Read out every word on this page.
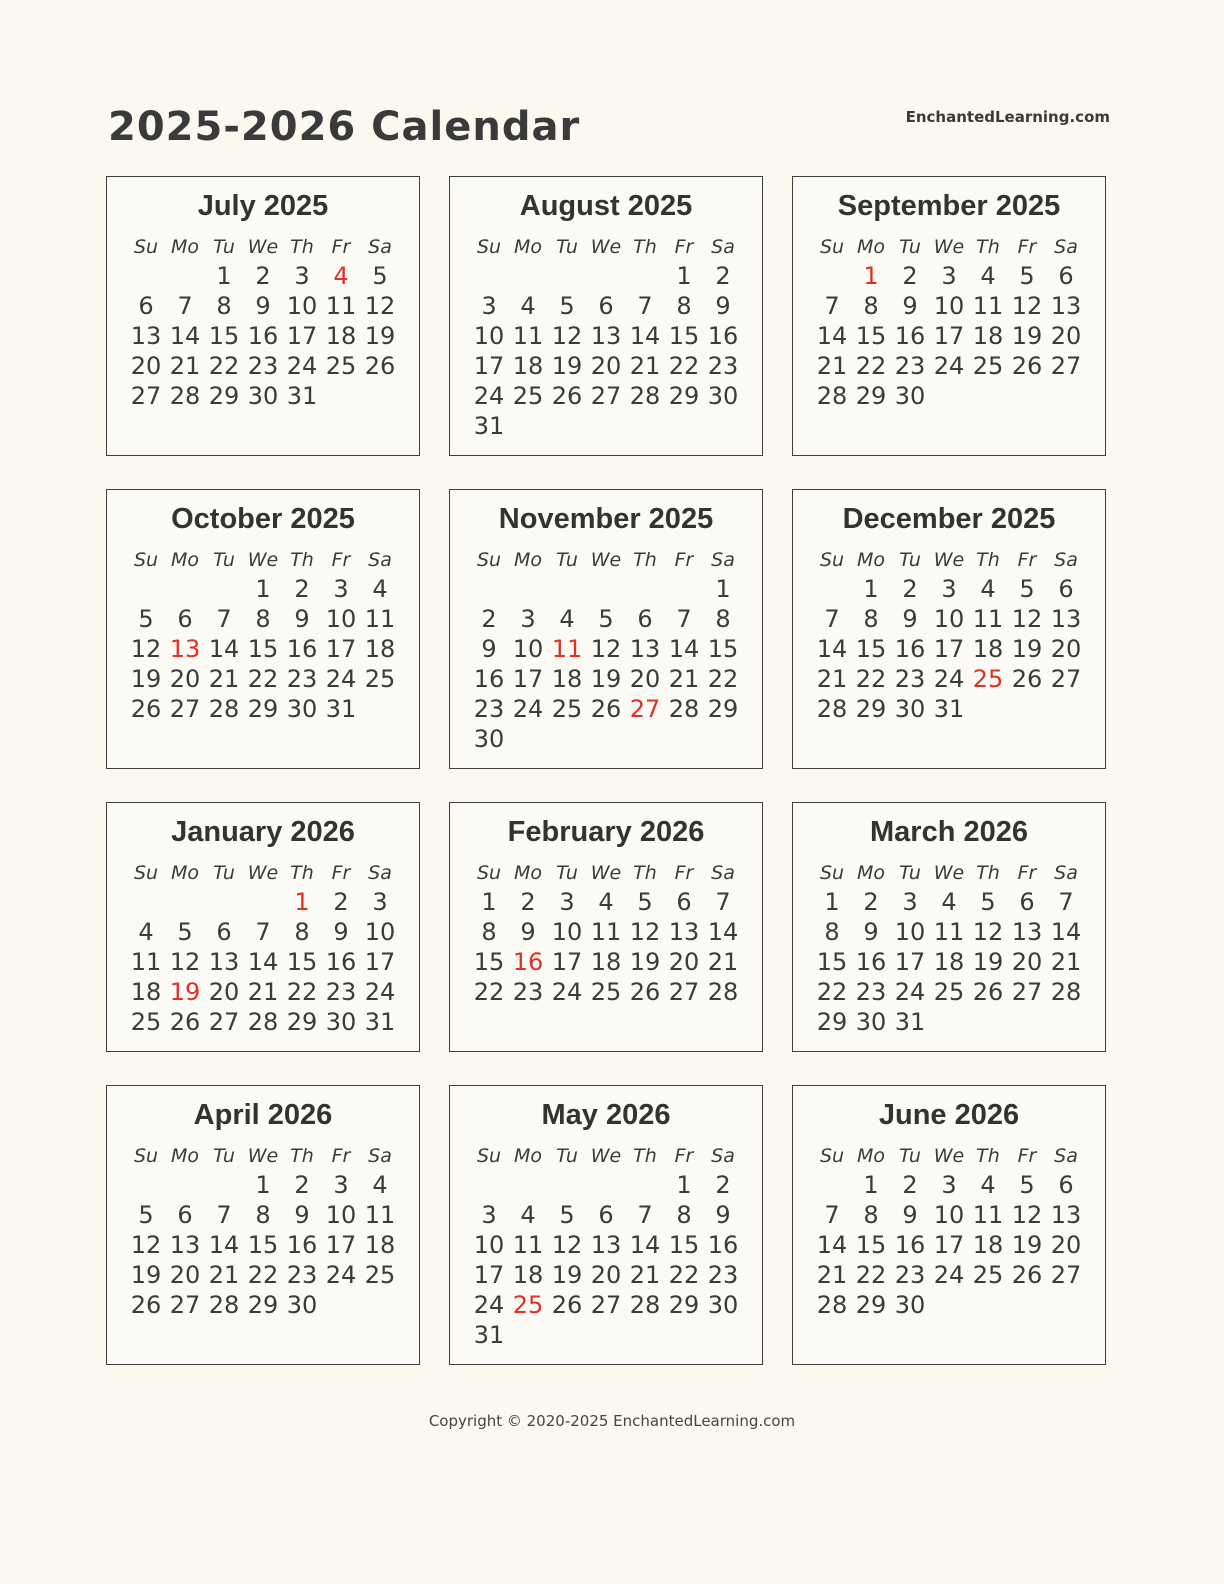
2025-2026 Calendar	EnchantedLearning.com
July 2025
Su	Mo	Tu	We	Th	Fr	Sa
		1	2	3	4	5
6	7	8	9	10	11	12
13	14	15	16	17	18	19
20	21	22	23	24	25	26
27	28	29	30	31		
August 2025
Su	Mo	Tu	We	Th	Fr	Sa
					1	2
3	4	5	6	7	8	9
10	11	12	13	14	15	16
17	18	19	20	21	22	23
24	25	26	27	28	29	30
31						
September 2025
Su	Mo	Tu	We	Th	Fr	Sa
	1	2	3	4	5	6
7	8	9	10	11	12	13
14	15	16	17	18	19	20
21	22	23	24	25	26	27
28	29	30				
October 2025
Su	Mo	Tu	We	Th	Fr	Sa
			1	2	3	4
5	6	7	8	9	10	11
12	13	14	15	16	17	18
19	20	21	22	23	24	25
26	27	28	29	30	31	
November 2025
Su	Mo	Tu	We	Th	Fr	Sa
						1
2	3	4	5	6	7	8
9	10	11	12	13	14	15
16	17	18	19	20	21	22
23	24	25	26	27	28	29
30						
December 2025
Su	Mo	Tu	We	Th	Fr	Sa
	1	2	3	4	5	6
7	8	9	10	11	12	13
14	15	16	17	18	19	20
21	22	23	24	25	26	27
28	29	30	31			
January 2026
Su	Mo	Tu	We	Th	Fr	Sa
				1	2	3
4	5	6	7	8	9	10
11	12	13	14	15	16	17
18	19	20	21	22	23	24
25	26	27	28	29	30	31
February 2026
Su	Mo	Tu	We	Th	Fr	Sa
1	2	3	4	5	6	7
8	9	10	11	12	13	14
15	16	17	18	19	20	21
22	23	24	25	26	27	28
March 2026
Su	Mo	Tu	We	Th	Fr	Sa
1	2	3	4	5	6	7
8	9	10	11	12	13	14
15	16	17	18	19	20	21
22	23	24	25	26	27	28
29	30	31				
April 2026
Su	Mo	Tu	We	Th	Fr	Sa
			1	2	3	4
5	6	7	8	9	10	11
12	13	14	15	16	17	18
19	20	21	22	23	24	25
26	27	28	29	30		
May 2026
Su	Mo	Tu	We	Th	Fr	Sa
					1	2
3	4	5	6	7	8	9
10	11	12	13	14	15	16
17	18	19	20	21	22	23
24	25	26	27	28	29	30
31						
June 2026
Su	Mo	Tu	We	Th	Fr	Sa
	1	2	3	4	5	6
7	8	9	10	11	12	13
14	15	16	17	18	19	20
21	22	23	24	25	26	27
28	29	30				
Copyright © 2020-2025 EnchantedLearning.com
